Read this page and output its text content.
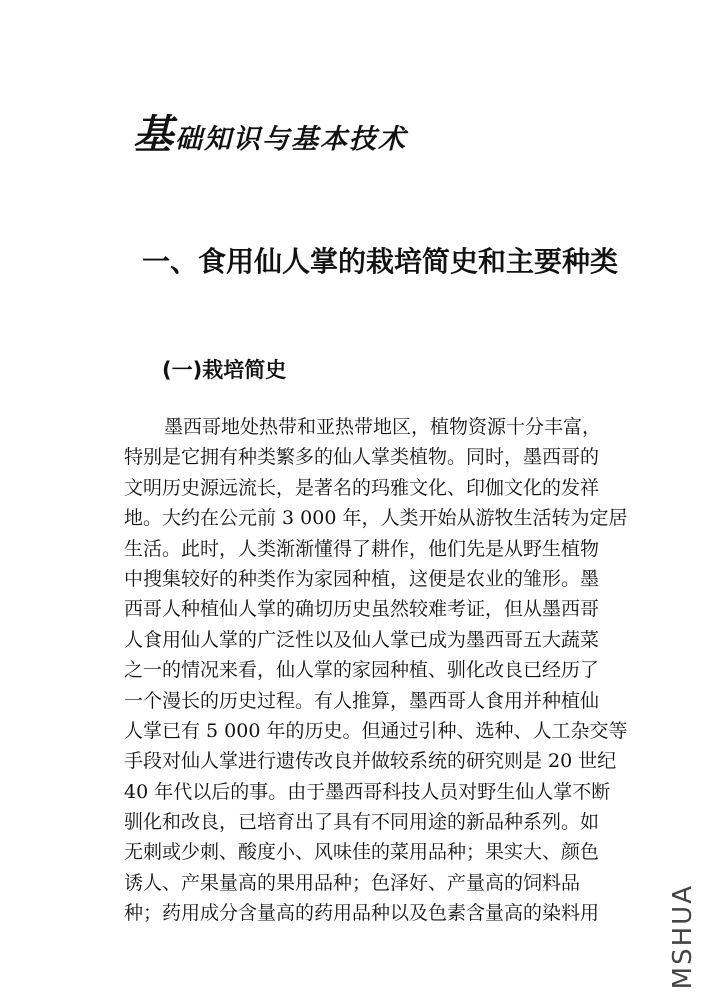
基础知识与基本技术
一、食用仙人掌的栽培简史和主要种类
(一)栽培简史
墨西哥地处热带和亚热带地区，植物资源十分丰富，
特别是它拥有种类繁多的仙人掌类植物。同时，墨西哥的
文明历史源远流长，是著名的玛雅文化、印伽文化的发祥
地。大约在公元前 3 000 年，人类开始从游牧生活转为定居
生活。此时，人类渐渐懂得了耕作，他们先是从野生植物
中搜集较好的种类作为家园种植，这便是农业的雏形。墨
西哥人种植仙人掌的确切历史虽然较难考证，但从墨西哥
人食用仙人掌的广泛性以及仙人掌已成为墨西哥五大蔬菜
之一的情况来看，仙人掌的家园种植、驯化改良已经历了
一个漫长的历史过程。有人推算，墨西哥人食用并种植仙
人掌已有 5 000 年的历史。但通过引种、选种、人工杂交等
手段对仙人掌进行遗传改良并做较系统的研究则是 20 世纪
40 年代以后的事。由于墨西哥科技人员对野生仙人掌不断
驯化和改良，已培育出了具有不同用途的新品种系列。如
无刺或少刺、酸度小、风味佳的菜用品种；果实大、颜色
诱人、产果量高的果用品种；色泽好、产量高的饲料品
种；药用成分含量高的药用品种以及色素含量高的染料用	MSHUA
